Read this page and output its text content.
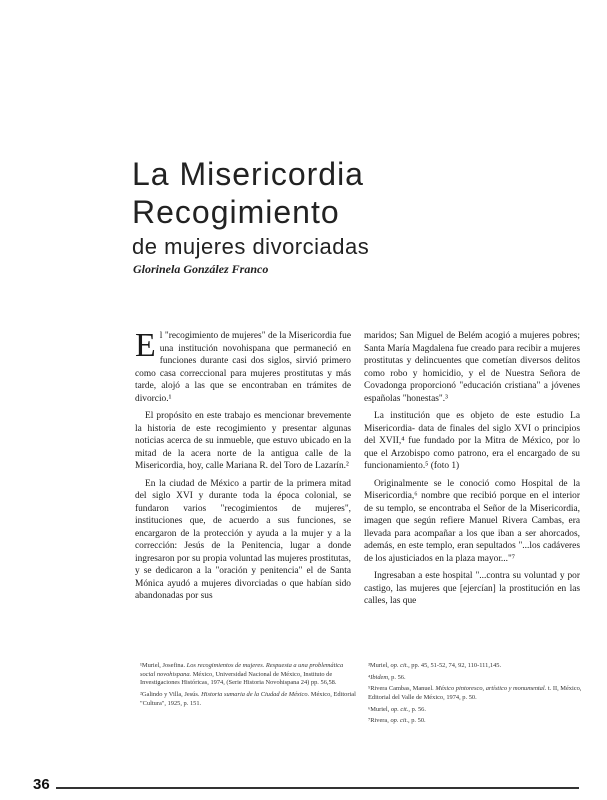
La Misericordia
Recogimiento
de mujeres divorciadas
Glorinela González Franco

El "recogimiento de mujeres" de la Misericordia fue una institución novohispana que permaneció en funciones durante casi dos siglos, sirvió primero como casa correccional para mujeres prostitutas y más tarde, alojó a las que se encontraban en trámites de divorcio.¹

El propósito en este trabajo es mencionar brevemente la historia de este recogimiento y presentar algunas noticias acerca de su inmueble, que estuvo ubicado en la mitad de la acera norte de la antigua calle de la Misericordia, hoy, calle Mariana R. del Toro de Lazarín.²

En la ciudad de México a partir de la primera mitad del siglo XVI y durante toda la época colonial, se fundaron varios "recogimientos de mujeres", instituciones que, de acuerdo a sus funciones, se encargaron de la protección y ayuda a la mujer y a la corrección: Jesús de la Penitencia, lugar a donde ingresaron por su propia voluntad las mujeres prostitutas, y se dedicaron a la "oración y penitencia" el de Santa Mónica ayudó a mujeres divorciadas o que habían sido abandonadas por sus

maridos; San Miguel de Belém acogió a mujeres pobres; Santa María Magdalena fue creado para recibir a mujeres prostitutas y delincuentes que cometían diversos delitos como robo y homicidio, y el de Nuestra Señora de Covadonga proporcionó "educación cristiana" a jóvenes españolas "honestas".³

La institución que es objeto de este estudio La Misericordia- data de finales del siglo XVI o principios del XVII,⁴ fue fundado por la Mitra de México, por lo que el Arzobispo como patrono, era el encargado de su funcionamiento.⁵ (foto 1)

Originalmente se le conoció como Hospital de la Misericordia,⁶ nombre que recibió porque en el interior de su templo, se encontraba el Señor de la Misericordia, imagen que según refiere Manuel Rivera Cambas, era llevada para acompañar a los que iban a ser ahorcados, además, en este templo, eran sepultados "...los cadáveres de los ajusticiados en la plaza mayor..."⁷

Ingresaban a este hospital "...contra su voluntad y por castigo, las mujeres que [ejercían] la prostitución en las calles, las que

¹Muriel, Josefina. Los recogimientos de mujeres. Respuesta a una problemática social novohispana. México, Universidad Nacional de México, Instituto de Investigaciones Históricas, 1974, (Serie Historia Novohispana 24) pp. 56,58.

²Galindo y Villa, Jesús. Historia sumaria de la Ciudad de México. México, Editorial "Cultura", 1925, p. 151.

³Muriel, op. cit., pp. 45, 51-52, 74, 92, 110-111,145.

⁴Ibidem, p. 56.

⁵Rivera Cambas, Manuel. México pintoresco, artístico y monumental. t. II, México, Editorial del Valle de México, 1974, p. 50.

⁶Muriel, op. cit., p. 56.

⁷Rivera, op. cit., p. 50.

36
